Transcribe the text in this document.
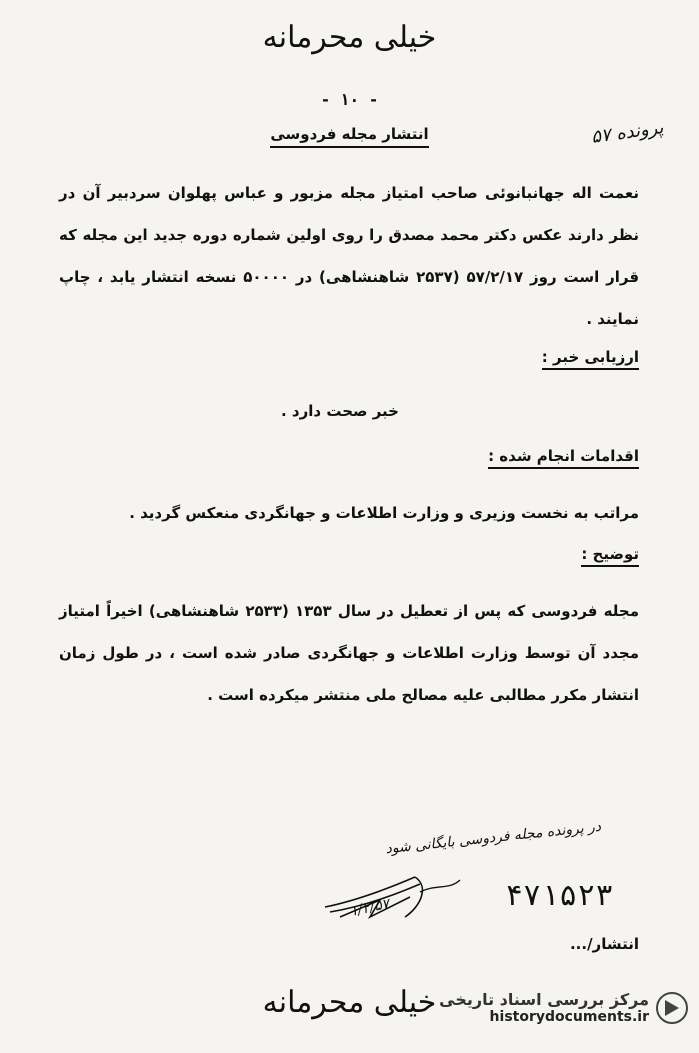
خیلی محرمانه
- ۱۰ -
انتشار مجله فردوسی	پرونده ۵۷
نعمت اله جهانبانوئی صاحب امتیاز مجله مزبور و عباس پهلوان سردبیر آن در نظر دارند عکس دکتر محمد مصدق را روی اولین شماره دوره جدید این مجله که قرار است روز ۵۷/۲/۱۷ (۲۵۳۷ شاهنشاهی) در ۵۰۰۰۰ نسخه انتشار یابد ، چاپ نمایند .
ارزیابی خبر :
خبر صحت دارد .
اقدامات انجام شده :
مراتب به نخست وزیری و وزارت اطلاعات و جهانگردی منعکس گردید .
توضیح :
مجله فردوسی که پس از تعطیل در سال ۱۳۵۳ (۲۵۳۳ شاهنشاهی) اخیراً امتیاز مجدد آن توسط وزارت اطلاعات و جهانگردی صادر شده است ، در طول زمان انتشار مکرر مطالبی علیه مصالح ملی منتشر میکرده است .
در پرونده مجله فردوسی بایگانی شود
۱/۲/۵۷	۴۷۱۵۲۳
انتشار/...
خیلی محرمانه مرکز بررسی اسناد تاریخی
historydocuments.ir
